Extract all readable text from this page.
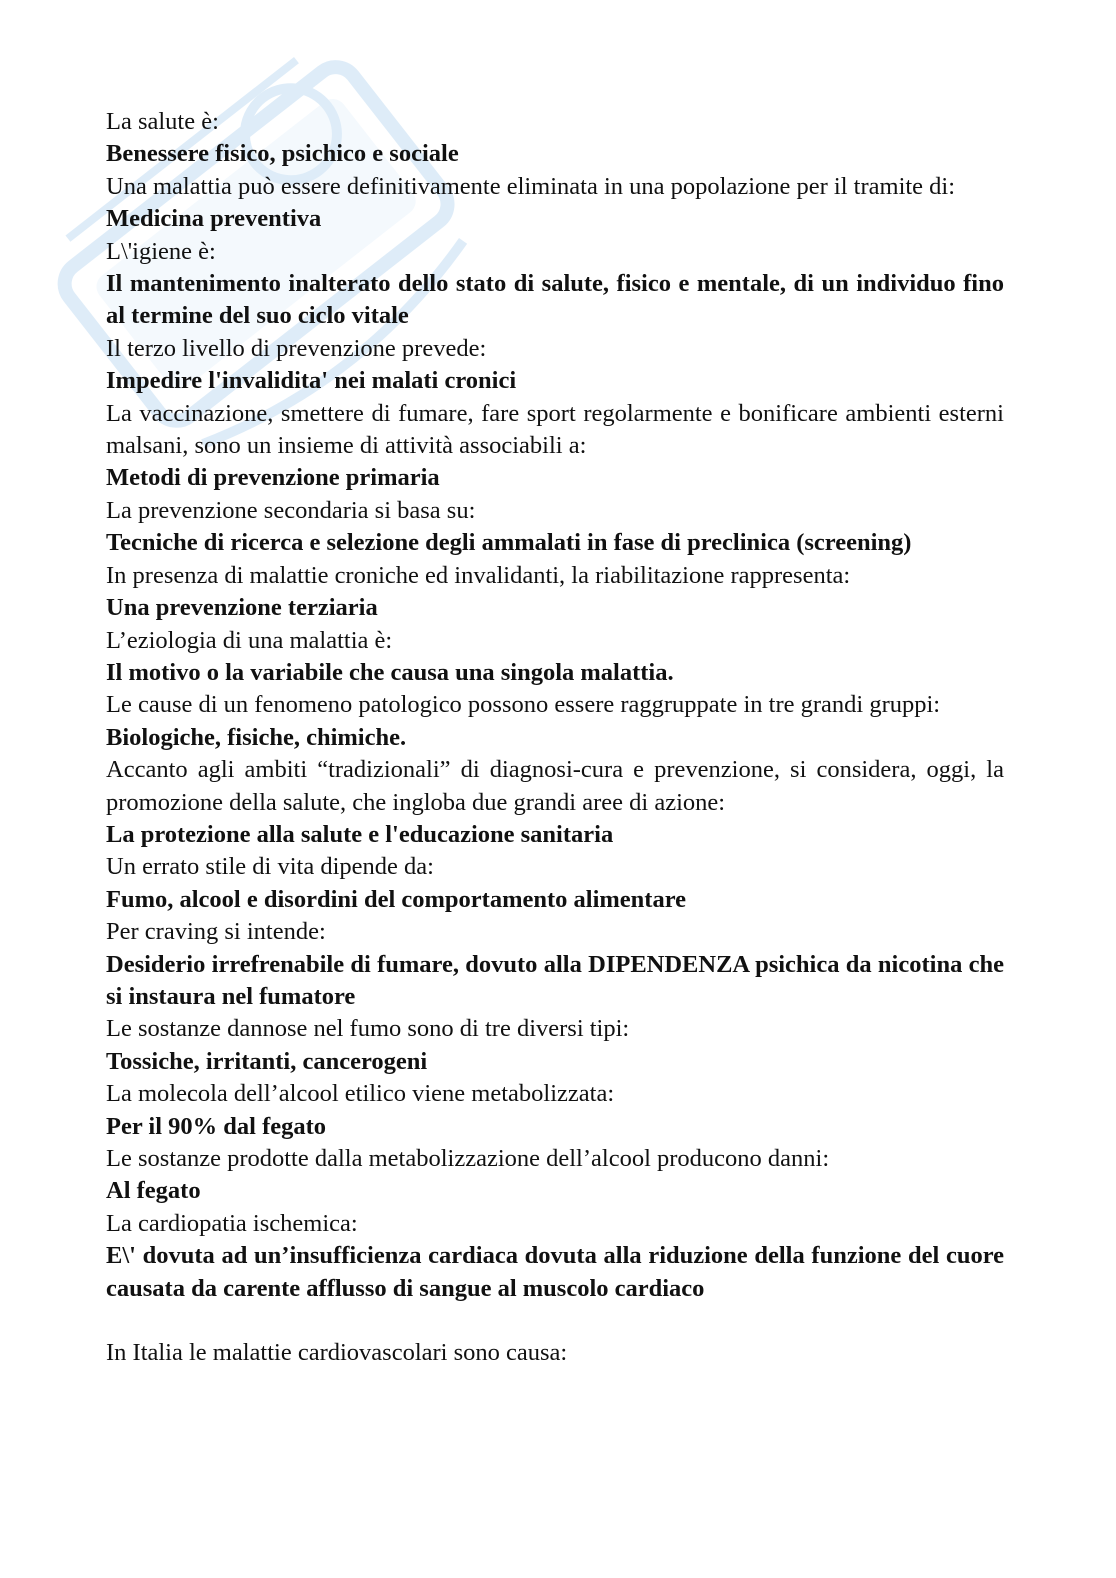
La salute è:

Benessere fisico, psichico e sociale

Una malattia può essere definitivamente eliminata in una popolazione per il tramite di:

Medicina preventiva

L\'igiene è:

Il mantenimento inalterato dello stato di salute, fisico e mentale, di un individuo fino al termine del suo ciclo vitale

Il terzo livello di prevenzione prevede:

Impedire l'invalidita' nei malati cronici

La vaccinazione, smettere di fumare, fare sport regolarmente e bonificare ambienti esterni malsani, sono un insieme di attività associabili a:

Metodi di prevenzione primaria

La prevenzione secondaria si basa su:

Tecniche di ricerca e selezione degli ammalati in fase di preclinica (screening)

In presenza di malattie croniche ed invalidanti, la riabilitazione rappresenta:

Una prevenzione terziaria

L’eziologia di una malattia è:

Il motivo o la variabile che causa una singola malattia.

Le cause di un fenomeno patologico possono essere raggruppate in tre grandi gruppi:

Biologiche, fisiche, chimiche.

Accanto agli ambiti “tradizionali” di diagnosi-cura e prevenzione, si considera, oggi, la promozione della salute, che ingloba due grandi aree di azione:

La protezione alla salute e l'educazione sanitaria

Un errato stile di vita dipende da:

Fumo, alcool e disordini del comportamento alimentare

Per craving si intende:

Desiderio irrefrenabile di fumare, dovuto alla DIPENDENZA psichica da nicotina che si instaura nel fumatore

Le sostanze dannose nel fumo sono di tre diversi tipi:

Tossiche, irritanti, cancerogeni

La molecola dell’alcool etilico viene metabolizzata:

Per il 90% dal fegato

Le sostanze prodotte dalla metabolizzazione dell’alcool producono danni:

Al fegato

La cardiopatia ischemica:

E\' dovuta ad un’insufficienza cardiaca dovuta alla riduzione della funzione del cuore causata da carente afflusso di sangue al muscolo cardiaco

In Italia le malattie cardiovascolari sono causa:
